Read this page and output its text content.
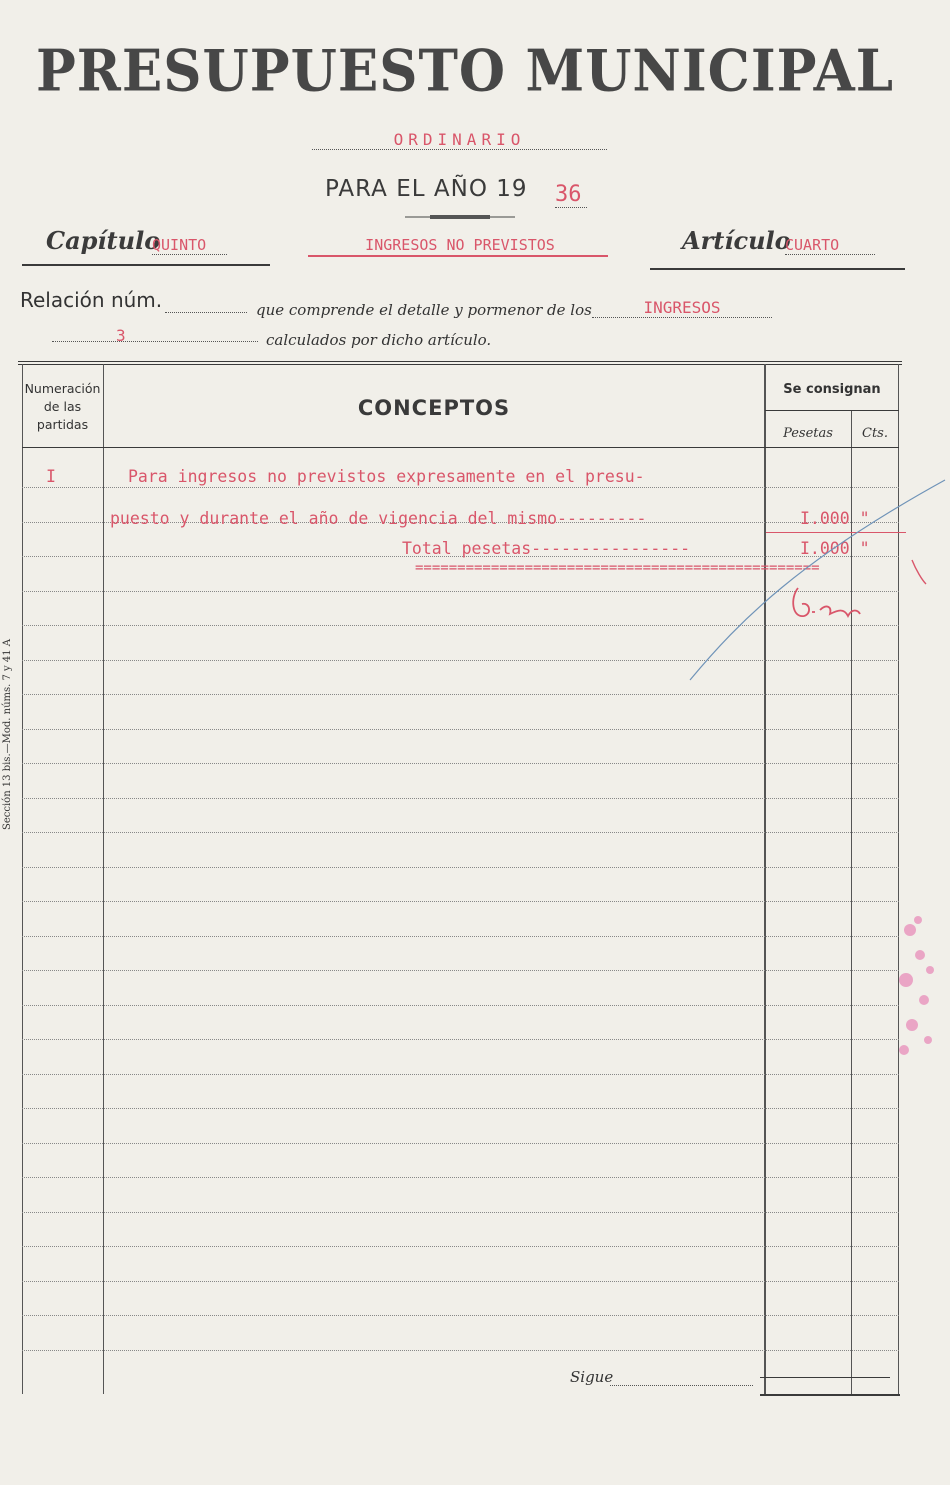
PRESUPUESTO MUNICIPAL
ORDINARIO
PARA EL AÑO 19 36
Capítulo
QUINTO	INGRESOS NO PREVISTOS	Artículo
CUARTO
Relación núm.	que comprende el detalle y pormenor de los	INGRESOS
3	calculados por dicho artículo.
Numeración de las partidas
CONCEPTOS
Se consignan
Pesetas	Cts.
I	Para ingresos no previstos expresamente en el presu-
puesto y durante el año de vigencia del mismo---------	I.000 "
Total pesetas----------------	I.000 "
================================================
Sigue
Sección 13 bis.—Mod. núms. 7 y 41 A
